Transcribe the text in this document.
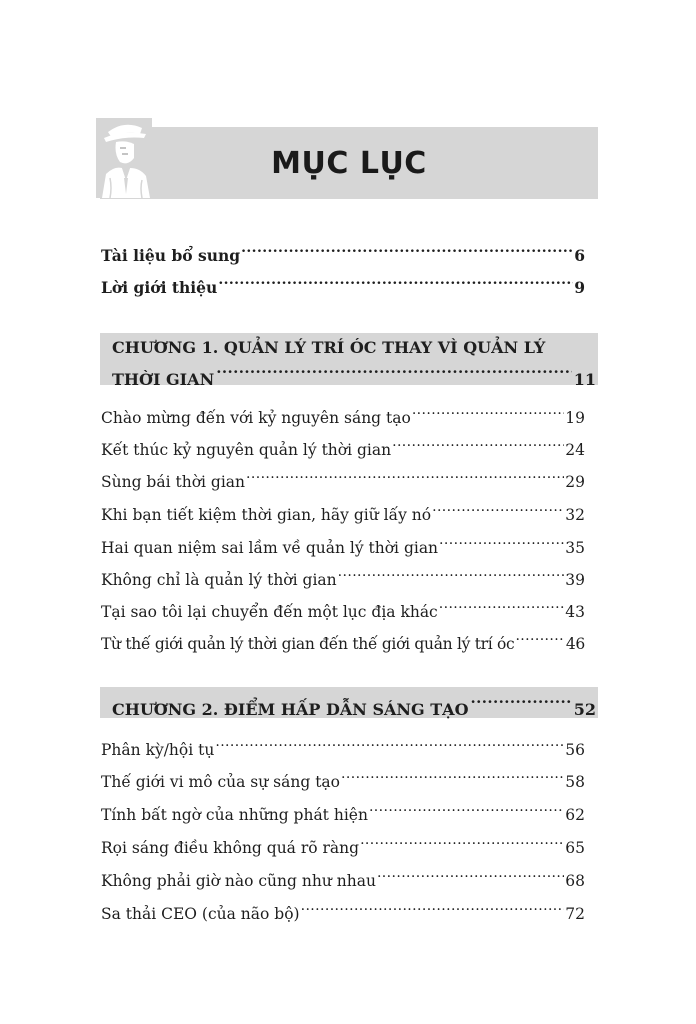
MỤC LỤC
Tài liệu bổ sung .....	6
Lời giới thiệu .....	9
CHƯƠNG 1. QUẢN LÝ TRÍ ÓC THAY VÌ QUẢN LÝ
THỜI GIAN .....	11
Chào mừng đến với kỷ nguyên sáng tạo .....	19
Kết thúc kỷ nguyên quản lý thời gian .....	24
Sùng bái thời gian .....	29
Khi bạn tiết kiệm thời gian, hãy giữ lấy nó .....	32
Hai quan niệm sai lầm về quản lý thời gian .....	35
Không chỉ là quản lý thời gian .....	39
Tại sao tôi lại chuyển đến một lục địa khác .....	43
Từ thế giới quản lý thời gian đến thế giới quản lý trí óc .....	46
CHƯƠNG 2. ĐIỂM HẤP DẪN SÁNG TẠO .....	52
Phân kỳ/hội tụ .....	56
Thế giới vi mô của sự sáng tạo .....	58
Tính bất ngờ của những phát hiện .....	62
Rọi sáng điều không quá rõ ràng .....	65
Không phải giờ nào cũng như nhau .....	68
Sa thải CEO (của não bộ) .....	72
